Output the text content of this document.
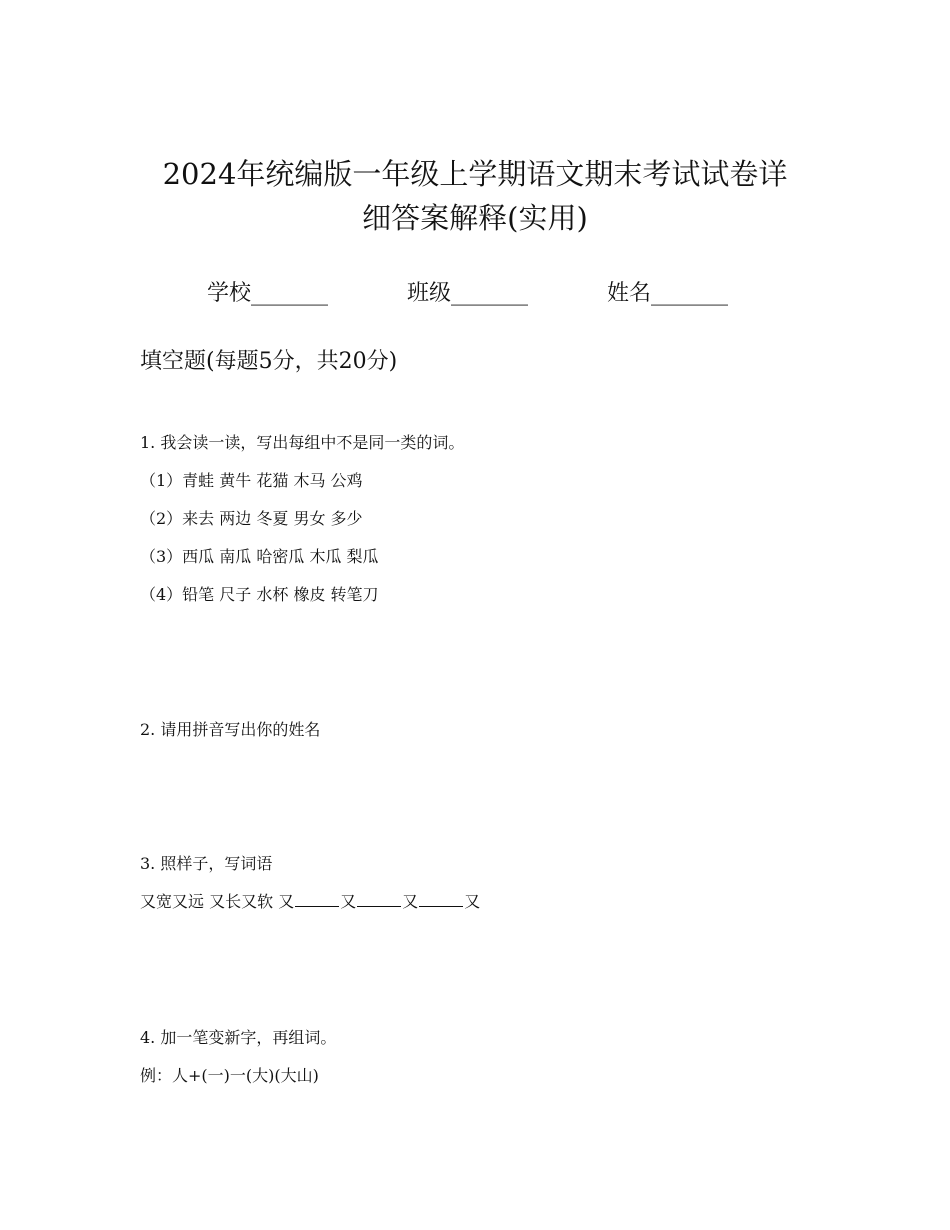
2024年统编版一年级上学期语文期末考试试卷详
细答案解释(实用)
学校_______	班级_______	姓名_______
填空题(每题5分，共20分)
1. 我会读一读，写出每组中不是同一类的词。
（1）青蛙 黄牛 花猫 木马 公鸡
（2）来去 两边 冬夏 男女 多少
（3）西瓜 南瓜 哈密瓜 木瓜 梨瓜
（4）铅笔 尺子 水杯 橡皮 转笔刀
2. 请用拼音写出你的姓名
3. 照样子，写词语
又宽又远 又长又软 又	又	又	又
4. 加一笔变新字，再组词。
例：人+(一)一(大)(大山)
